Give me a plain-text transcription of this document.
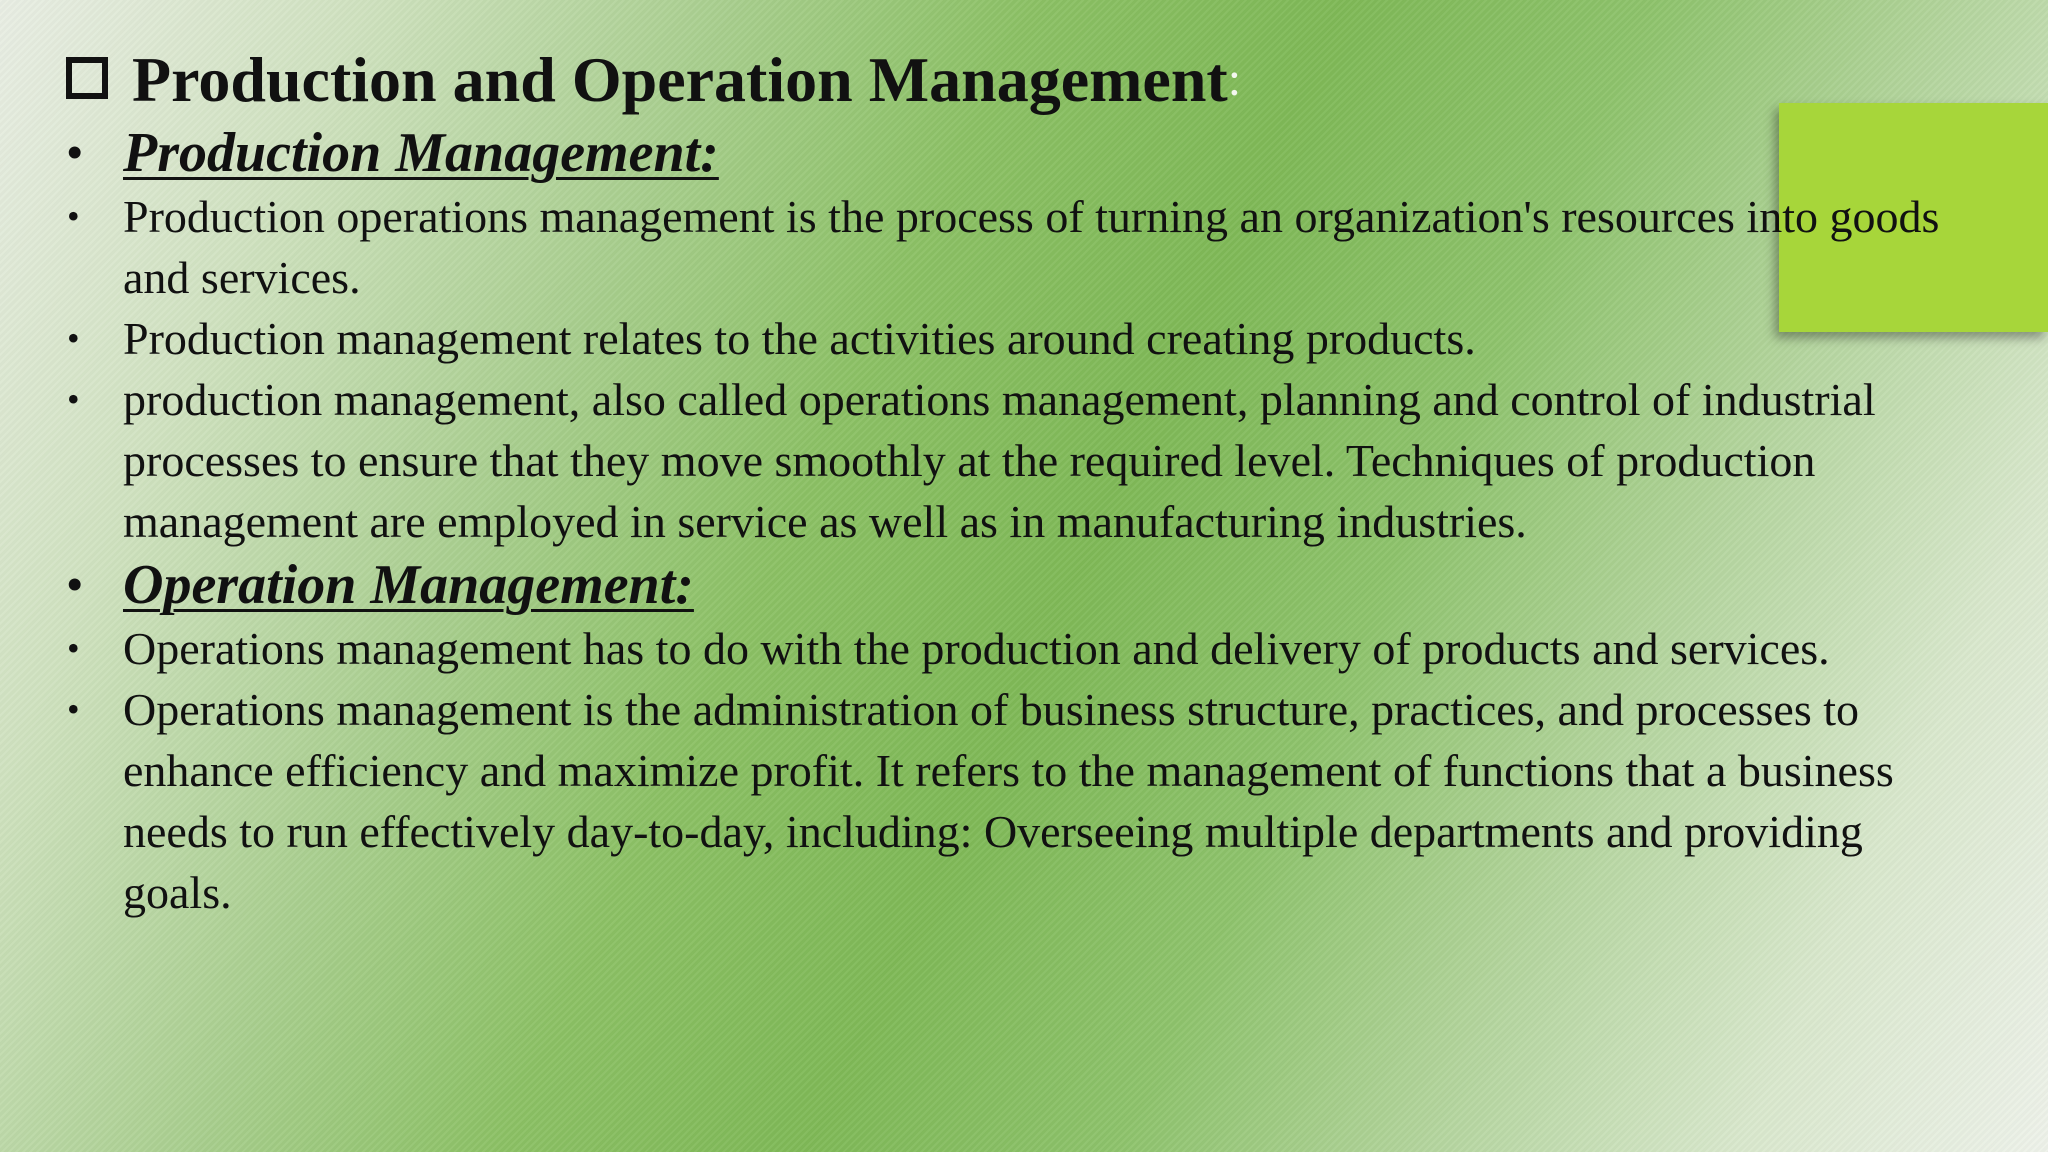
Production and Operation Management :
• Production Management:
• Production operations management is the process of turning an organization's resources into goods and services.
• Production management relates to the activities around creating products.
• production management, also called operations management, planning and control of industrial processes to ensure that they move smoothly at the required level. Techniques of production management are employed in service as well as in manufacturing industries.
• Operation Management:
• Operations management has to do with the production and delivery of products and services.
• Operations management is the administration of business structure, practices, and processes to enhance efficiency and maximize profit. It refers to the management of functions that a business needs to run effectively day-to-day, including: Overseeing multiple departments and providing goals.
